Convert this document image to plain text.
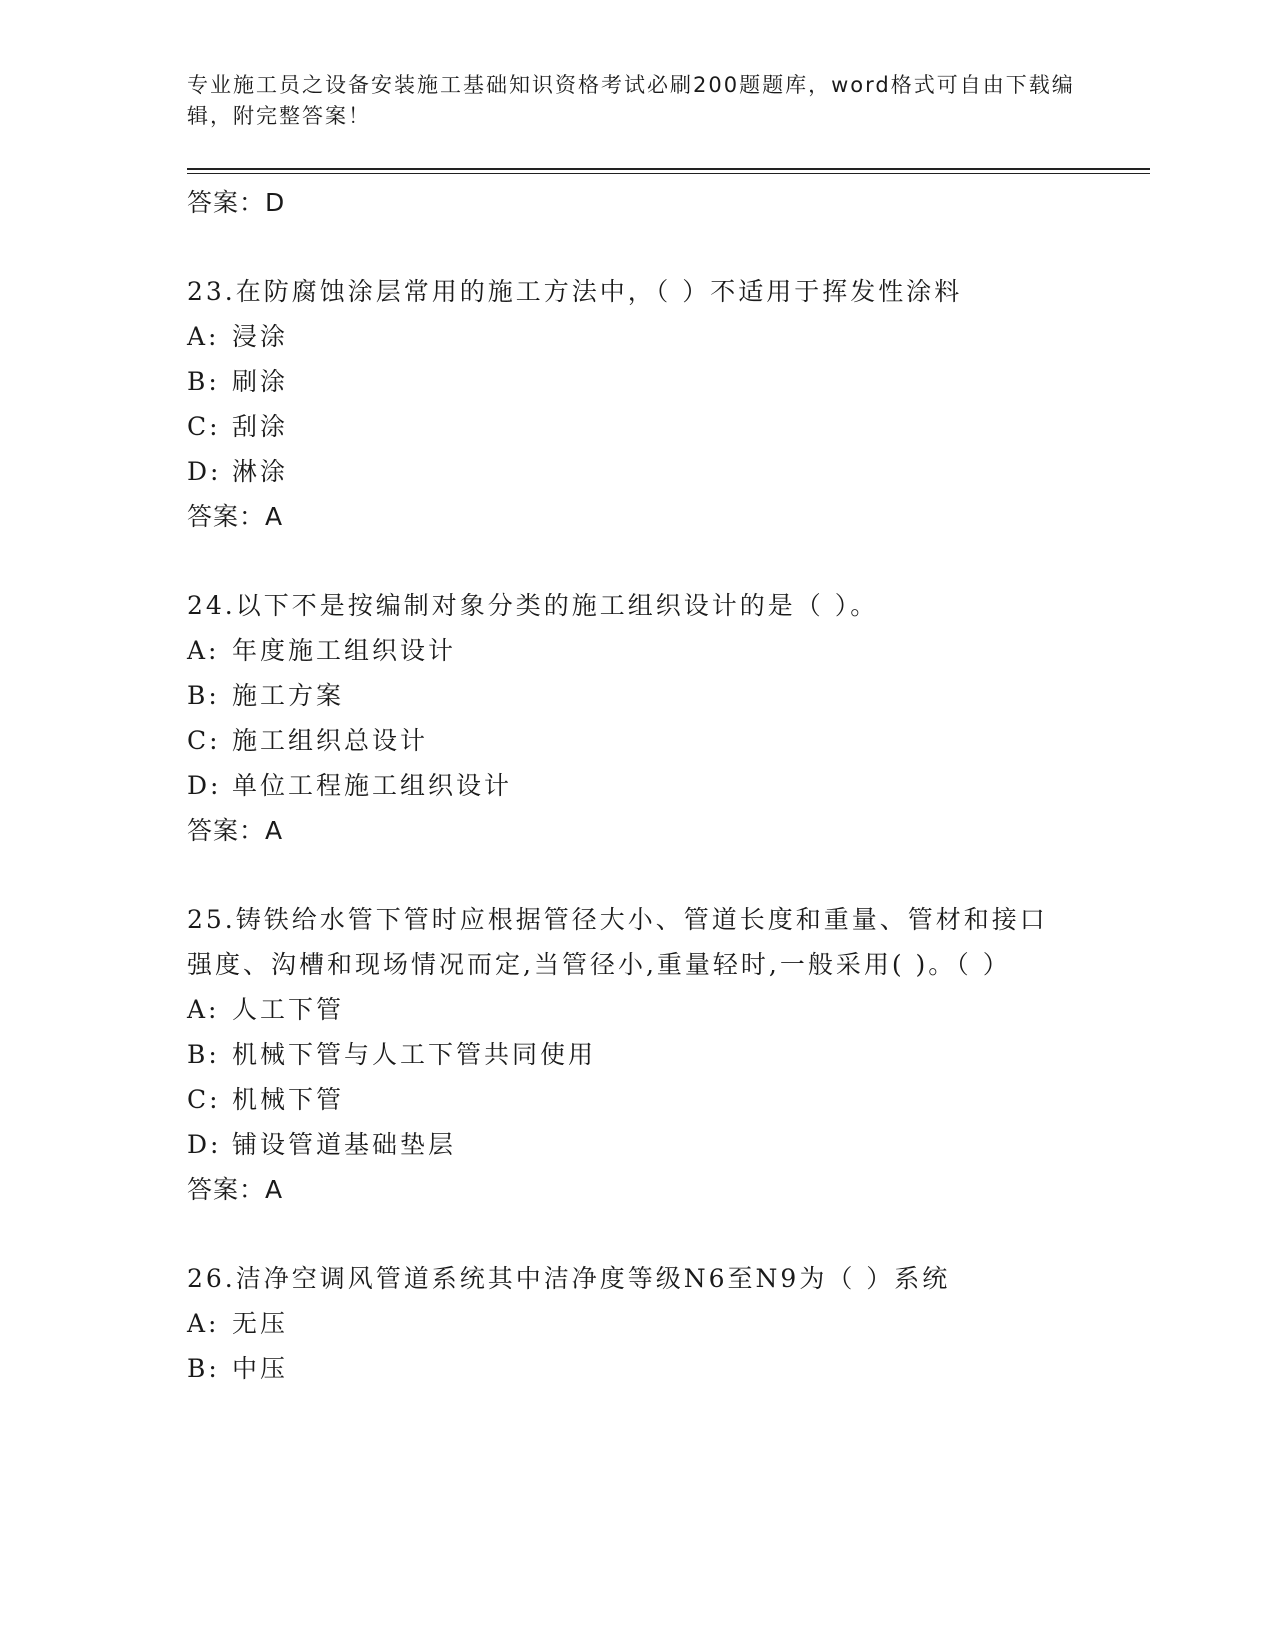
专业施工员之设备安装施工基础知识资格考试必刷200题题库，word格式可自由下载编辑，附完整答案！
答案：D
23.在防腐蚀涂层常用的施工方法中，（ ）不适用于挥发性涂料
A: 浸涂
B: 刷涂
C: 刮涂
D: 淋涂
答案：A
24.以下不是按编制对象分类的施工组织设计的是（ ）。
A: 年度施工组织设计
B: 施工方案
C: 施工组织总设计
D: 单位工程施工组织设计
答案：A
25.铸铁给水管下管时应根据管径大小、管道长度和重量、管材和接口强度、沟槽和现场情况而定,当管径小,重量轻时,一般采用( )。（ ）
A: 人工下管
B: 机械下管与人工下管共同使用
C: 机械下管
D: 铺设管道基础垫层
答案：A
26.洁净空调风管道系统其中洁净度等级N6至N9为（ ）系统
A: 无压
B: 中压
